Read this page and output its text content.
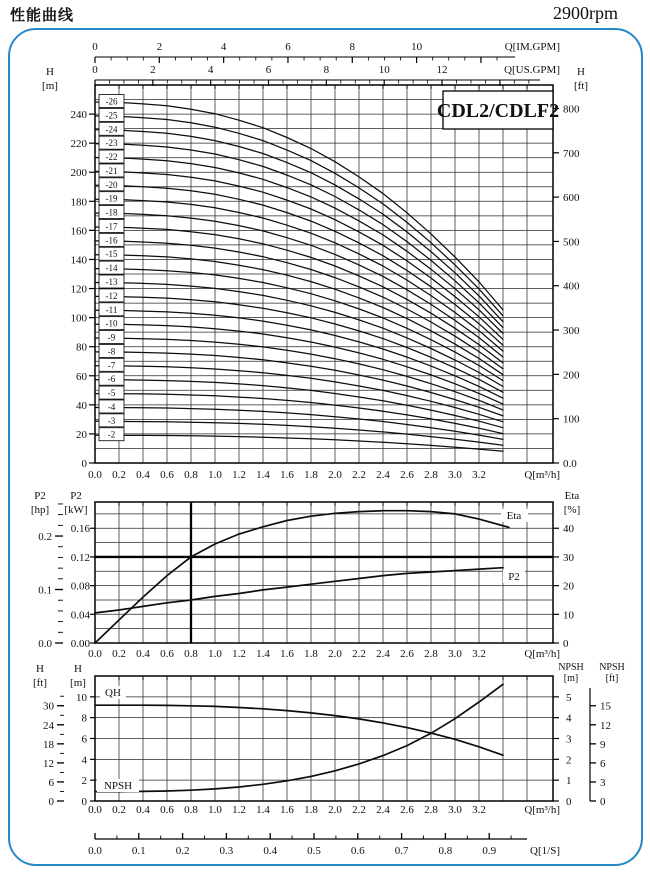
性能曲线	2900rpm
0	2	4	6	8	10	Q[IM.GPM]
0	2	4	6	8	10	12	Q[US.GPM]
0
20
40
60
80
100
120
140
160
180
200
220
240
H
[m]
0.0
100
200
300
400
500
600
700
800
H
[ft]
0.0 0.2 0.4 0.6 0.8 1.0 1.2 1.4 1.6 1.8 2.0 2.2 2.4 2.6 2.8 3.0 3.2	Q[m³/h]
CDL2/CDLF2
-2
-3
-4
-5
-6
-7
-8
-9
-10
-11
-12
-13
-14
-15
-16
-17
-18
-19
-20
-21
-22
-23
-24
-25
-26
0.00
0.04
0.08
0.12
0.16
P2
[kW]
0.0
0.1
0.2
P2
[hp]
0
10
20
30
40
Eta
[%]
0.0 0.2 0.4 0.6 0.8 1.0 1.2 1.4 1.6 1.8 2.0 2.2 2.4 2.6 2.8 3.0 3.2	Q[m³/h]
Eta
P2
0
2
4
6
8
10
H
[m]
0
6
12
18
24
30
H
[ft]
0
1
2
3
4
5
NPSH
[m]
0
3
6
9
12
15
NPSH
[ft]
0.0 0.2 0.4 0.6 0.8 1.0 1.2 1.4 1.6 1.8 2.0 2.2 2.4 2.6 2.8 3.0 3.2	Q[m³/h]
QH
NPSH
0.0	0.1	0.2	0.3	0.4	0.5	0.6	0.7	0.8	0.9	Q[1/S]
